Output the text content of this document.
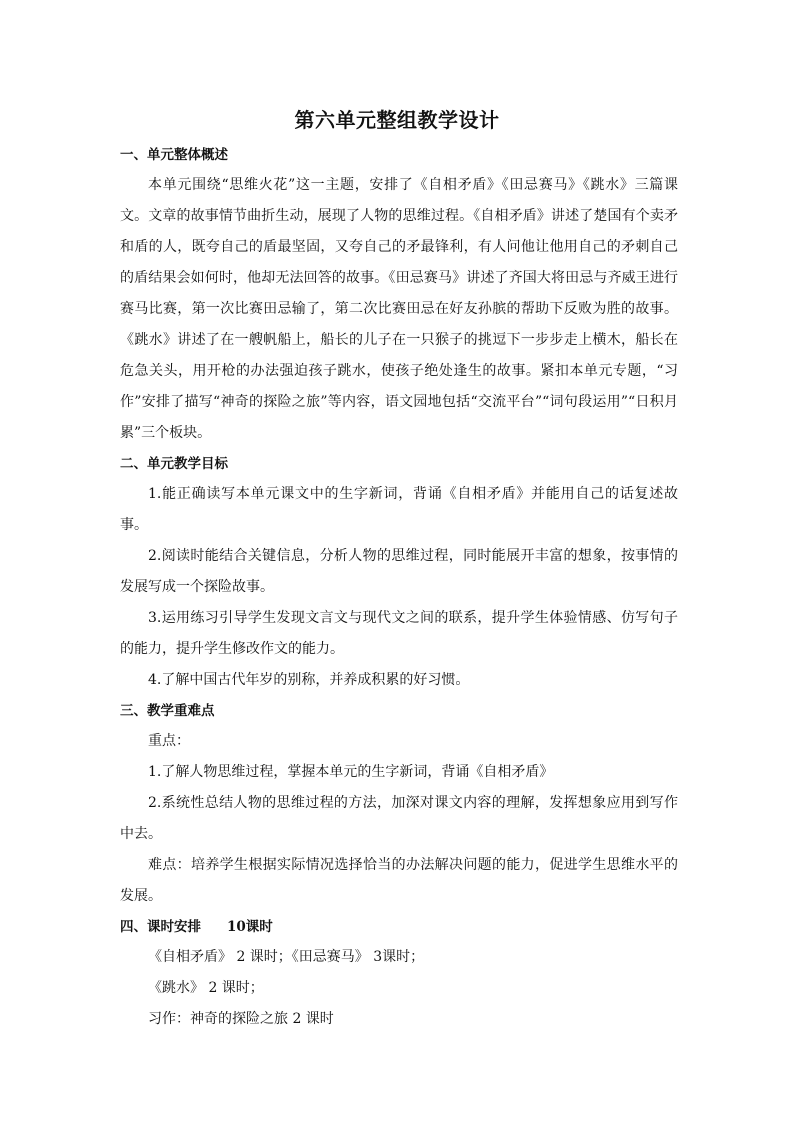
第六单元整组教学设计
一、单元整体概述

本单元围绕“思维火花”这一主题，安排了《自相矛盾》《田忌赛马》《跳水》三篇课文。文章的故事情节曲折生动，展现了人物的思维过程。《自相矛盾》讲述了楚国有个卖矛和盾的人，既夸自己的盾最坚固，又夸自己的矛最锋利，有人问他让他用自己的矛刺自己的盾结果会如何时，他却无法回答的故事。《田忌赛马》讲述了齐国大将田忌与齐威王进行赛马比赛，第一次比赛田忌输了，第二次比赛田忌在好友孙膑的帮助下反败为胜的故事。《跳水》讲述了在一艘帆船上，船长的儿子在一只猴子的挑逗下一步步走上横木，船长在危急关头，用开枪的办法强迫孩子跳水，使孩子绝处逢生的故事。紧扣本单元专题，“习作”安排了描写“神奇的探险之旅”等内容，语文园地包括“交流平台”“词句段运用”“日积月累”三个板块。

二、单元教学目标

1.能正确读写本单元课文中的生字新词，背诵《自相矛盾》并能用自己的话复述故事。

2.阅读时能结合关键信息，分析人物的思维过程，同时能展开丰富的想象，按事情的发展写成一个探险故事。

3.运用练习引导学生发现文言文与现代文之间的联系，提升学生体验情感、仿写句子的能力，提升学生修改作文的能力。

4.了解中国古代年岁的别称，并养成积累的好习惯。

三、教学重难点

重点：

1.了解人物思维过程，掌握本单元的生字新词，背诵《自相矛盾》

2.系统性总结人物的思维过程的方法，加深对课文内容的理解，发挥想象应用到写作中去。

难点：培养学生根据实际情况选择恰当的办法解决问题的能力，促进学生思维水平的发展。

四、课时安排 10课时

《自相矛盾》 2 课时；《田忌赛马》 3课时；

《跳水》 2 课时；

习作：神奇的探险之旅 2 课时
